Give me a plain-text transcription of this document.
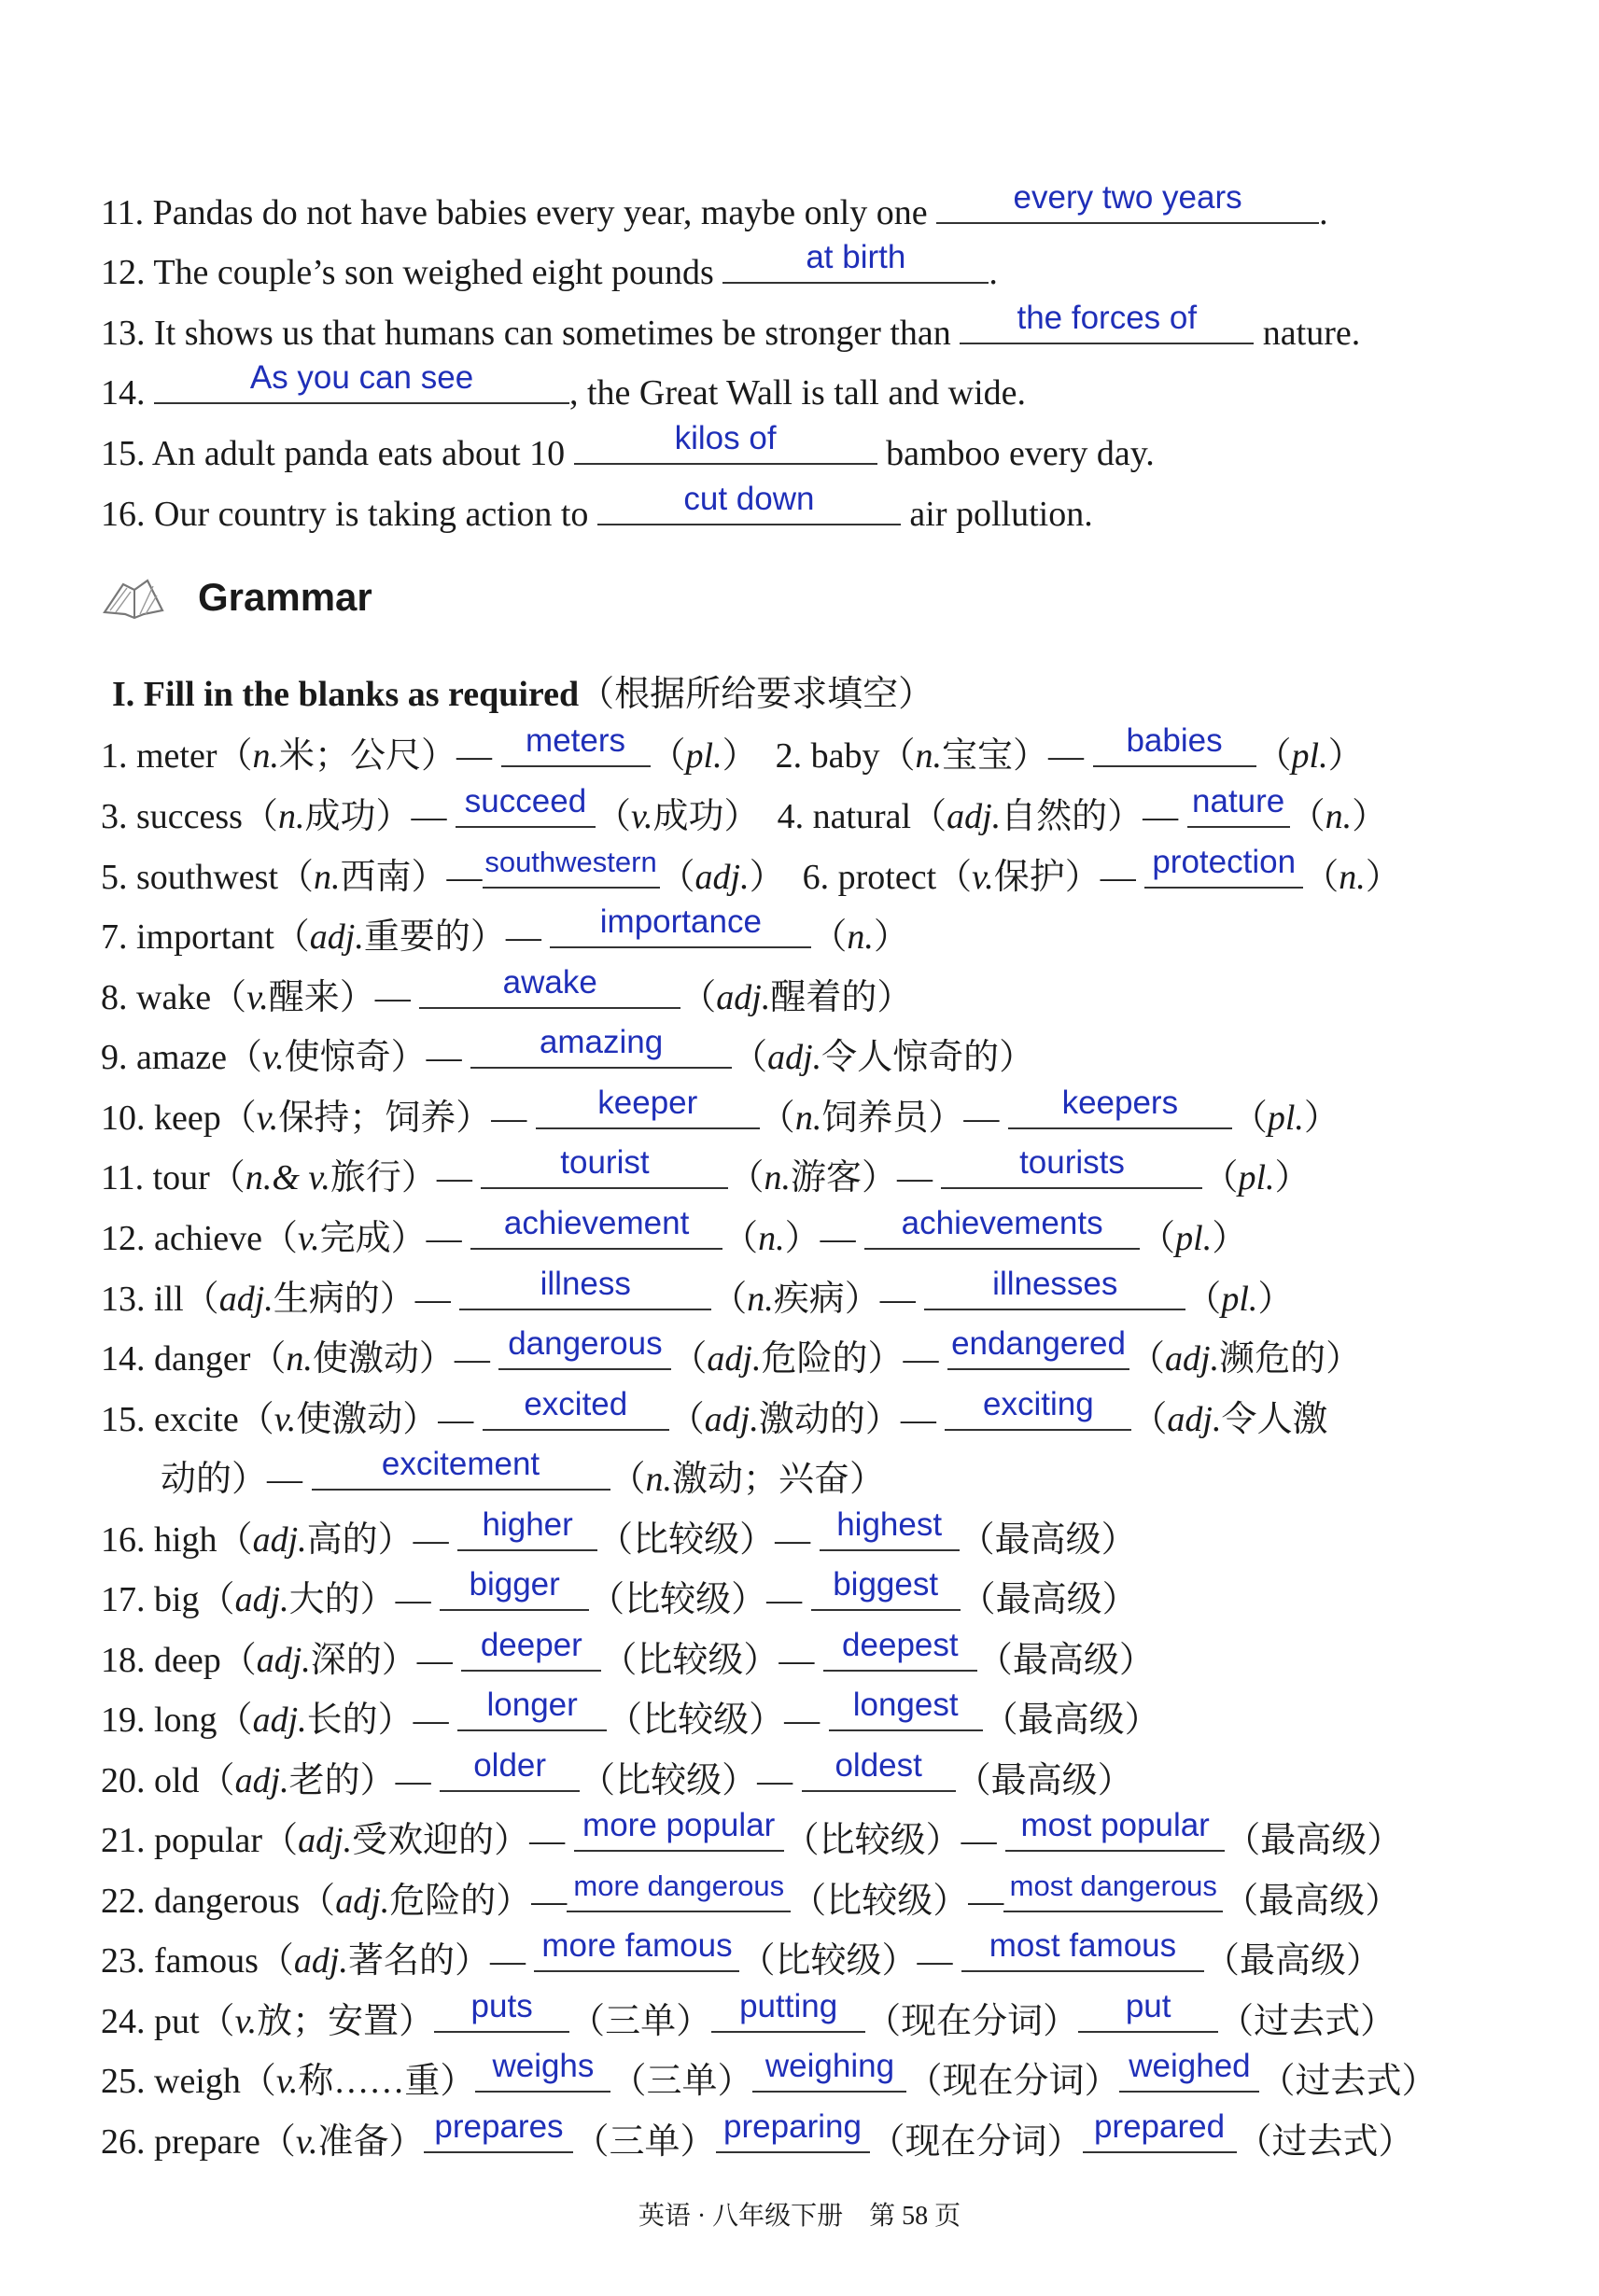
11. Pandas do not have babies every year, maybe only one	every two years	.
12. The couple’s son weighed eight pounds	at birth	.
13. It shows us that humans can sometimes be stronger than	the forces of	nature.
14.	As you can see	, the Great Wall is tall and wide.
15. An adult panda eats about 10	kilos of	bamboo every day.
16. Our country is taking action to	cut down	air pollution.
Grammar
I. Fill in the blanks as required（根据所给要求填空）
1. meter（n.米；公尺）—	meters （pl.） 2. baby（n.宝宝）—	babies （pl.）
3. success（n.成功）— succeed （v.成功） 4. natural（adj.自然的）— nature （n.）
5. southwest（n.西南）— southwestern （adj.） 6. protect（v.保护）— protection （n.）
7. important（adj.重要的）—	importance	（n.）
8. wake（v.醒来）—	awake	（adj.醒着的）
9. amaze（v.使惊奇）—	amazing	（adj.令人惊奇的）
10. keep（v.保持；饲养）—	keeper	（n.饲养员）—	keepers	（pl.）
11. tour（n.& v.旅行）—	tourist	（n.游客）—	tourists	（pl.）
12. achieve（v.完成）—	achievement （n.）—	achievements	（pl.）
13. ill（adj.生病的）—	illness	（n.疾病）—	illnesses	（pl.）
14. danger（n.使激动）— dangerous （adj.危险的）— endangered （adj.濒危的）
15. excite（v.使激动）—	excited	（adj.激动的）—	exciting	（adj.令人激
动的）—	excitement	（n.激动；兴奋）
16. high（adj.高的）—	higher （比较级）— highest （最高级）
17. big（adj.大的）—	bigger （比较级）— biggest （最高级）
18. deep（adj.深的）— deeper （比较级）— deepest （最高级）
19. long（adj.长的）—	longer （比较级）—	longest （最高级）
20. old（adj.老的）—	older （比较级）—	oldest （最高级）
21. popular（adj.受欢迎的）— more popular （比较级）— most popular （最高级）
22. dangerous（adj.危险的）— more dangerous （比较级）— most dangerous （最高级）
23. famous（adj.著名的）— more famous （比较级）—	most famous （最高级）
24. put（v.放；安置）	puts	（三单） putting （现在分词）	put	（过去式）
25. weigh（v.称……重） weighs （三单） weighing （现在分词） weighed （过去式）
26. prepare（v.准备） prepares （三单） preparing （现在分词） prepared （过去式）
英语 · 八年级下册　第 58 页
